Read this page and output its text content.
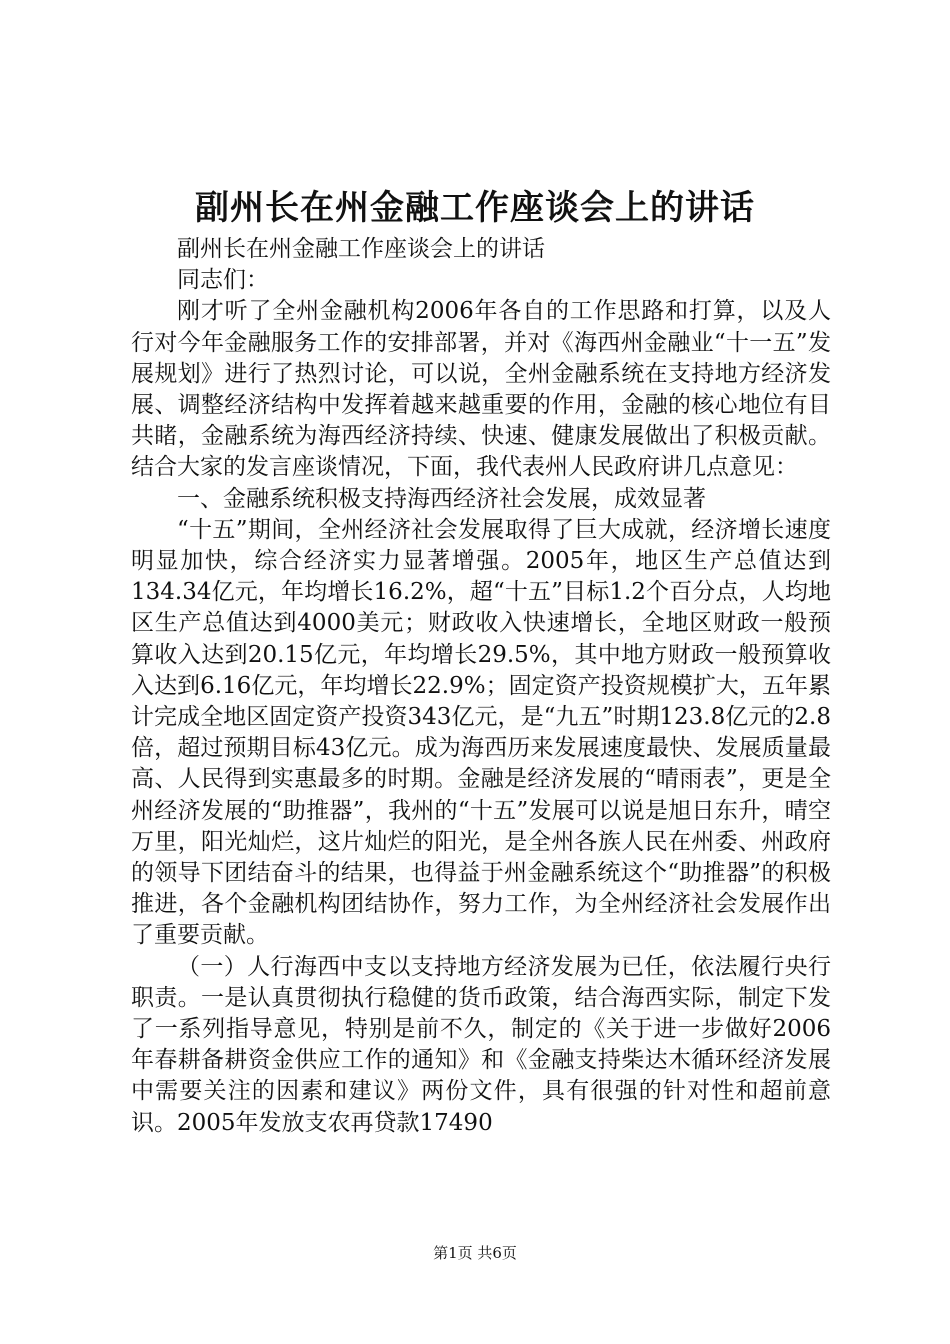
副州长在州金融工作座谈会上的讲话

副州长在州金融工作座谈会上的讲话

同志们：

刚才听了全州金融机构2006年各自的工作思路和打算，以及人行对今年金融服务工作的安排部署，并对《海西州金融业“十一五”发展规划》进行了热烈讨论，可以说，全州金融系统在支持地方经济发展、调整经济结构中发挥着越来越重要的作用，金融的核心地位有目共睹，金融系统为海西经济持续、快速、健康发展做出了积极贡献。结合大家的发言座谈情况，下面，我代表州人民政府讲几点意见：

一、金融系统积极支持海西经济社会发展，成效显著

“十五”期间，全州经济社会发展取得了巨大成就，经济增长速度明显加快，综合经济实力显著增强。2005年，地区生产总值达到134.34亿元，年均增长16.2%，超“十五”目标1.2个百分点，人均地区生产总值达到4000美元；财政收入快速增长，全地区财政一般预算收入达到20.15亿元，年均增长29.5%，其中地方财政一般预算收入达到6.16亿元，年均增长22.9%；固定资产投资规模扩大，五年累计完成全地区固定资产投资343亿元，是“九五”时期123.8亿元的2.8倍，超过预期目标43亿元。成为海西历来发展速度最快、发展质量最高、人民得到实惠最多的时期。金融是经济发展的“晴雨表”，更是全州经济发展的“助推器”，我州的“十五”发展可以说是旭日东升，晴空万里，阳光灿烂，这片灿烂的阳光，是全州各族人民在州委、州政府的领导下团结奋斗的结果，也得益于州金融系统这个“助推器”的积极推进，各个金融机构团结协作，努力工作，为全州经济社会发展作出了重要贡献。

（一）人行海西中支以支持地方经济发展为已任，依法履行央行职责。一是认真贯彻执行稳健的货币政策，结合海西实际，制定下发了一系列指导意见，特别是前不久，制定的《关于进一步做好2006年春耕备耕资金供应工作的通知》和《金融支持柴达木循环经济发展中需要关注的因素和建议》两份文件，具有很强的针对性和超前意识。2005年发放支农再贷款17490

第1页 共6页
